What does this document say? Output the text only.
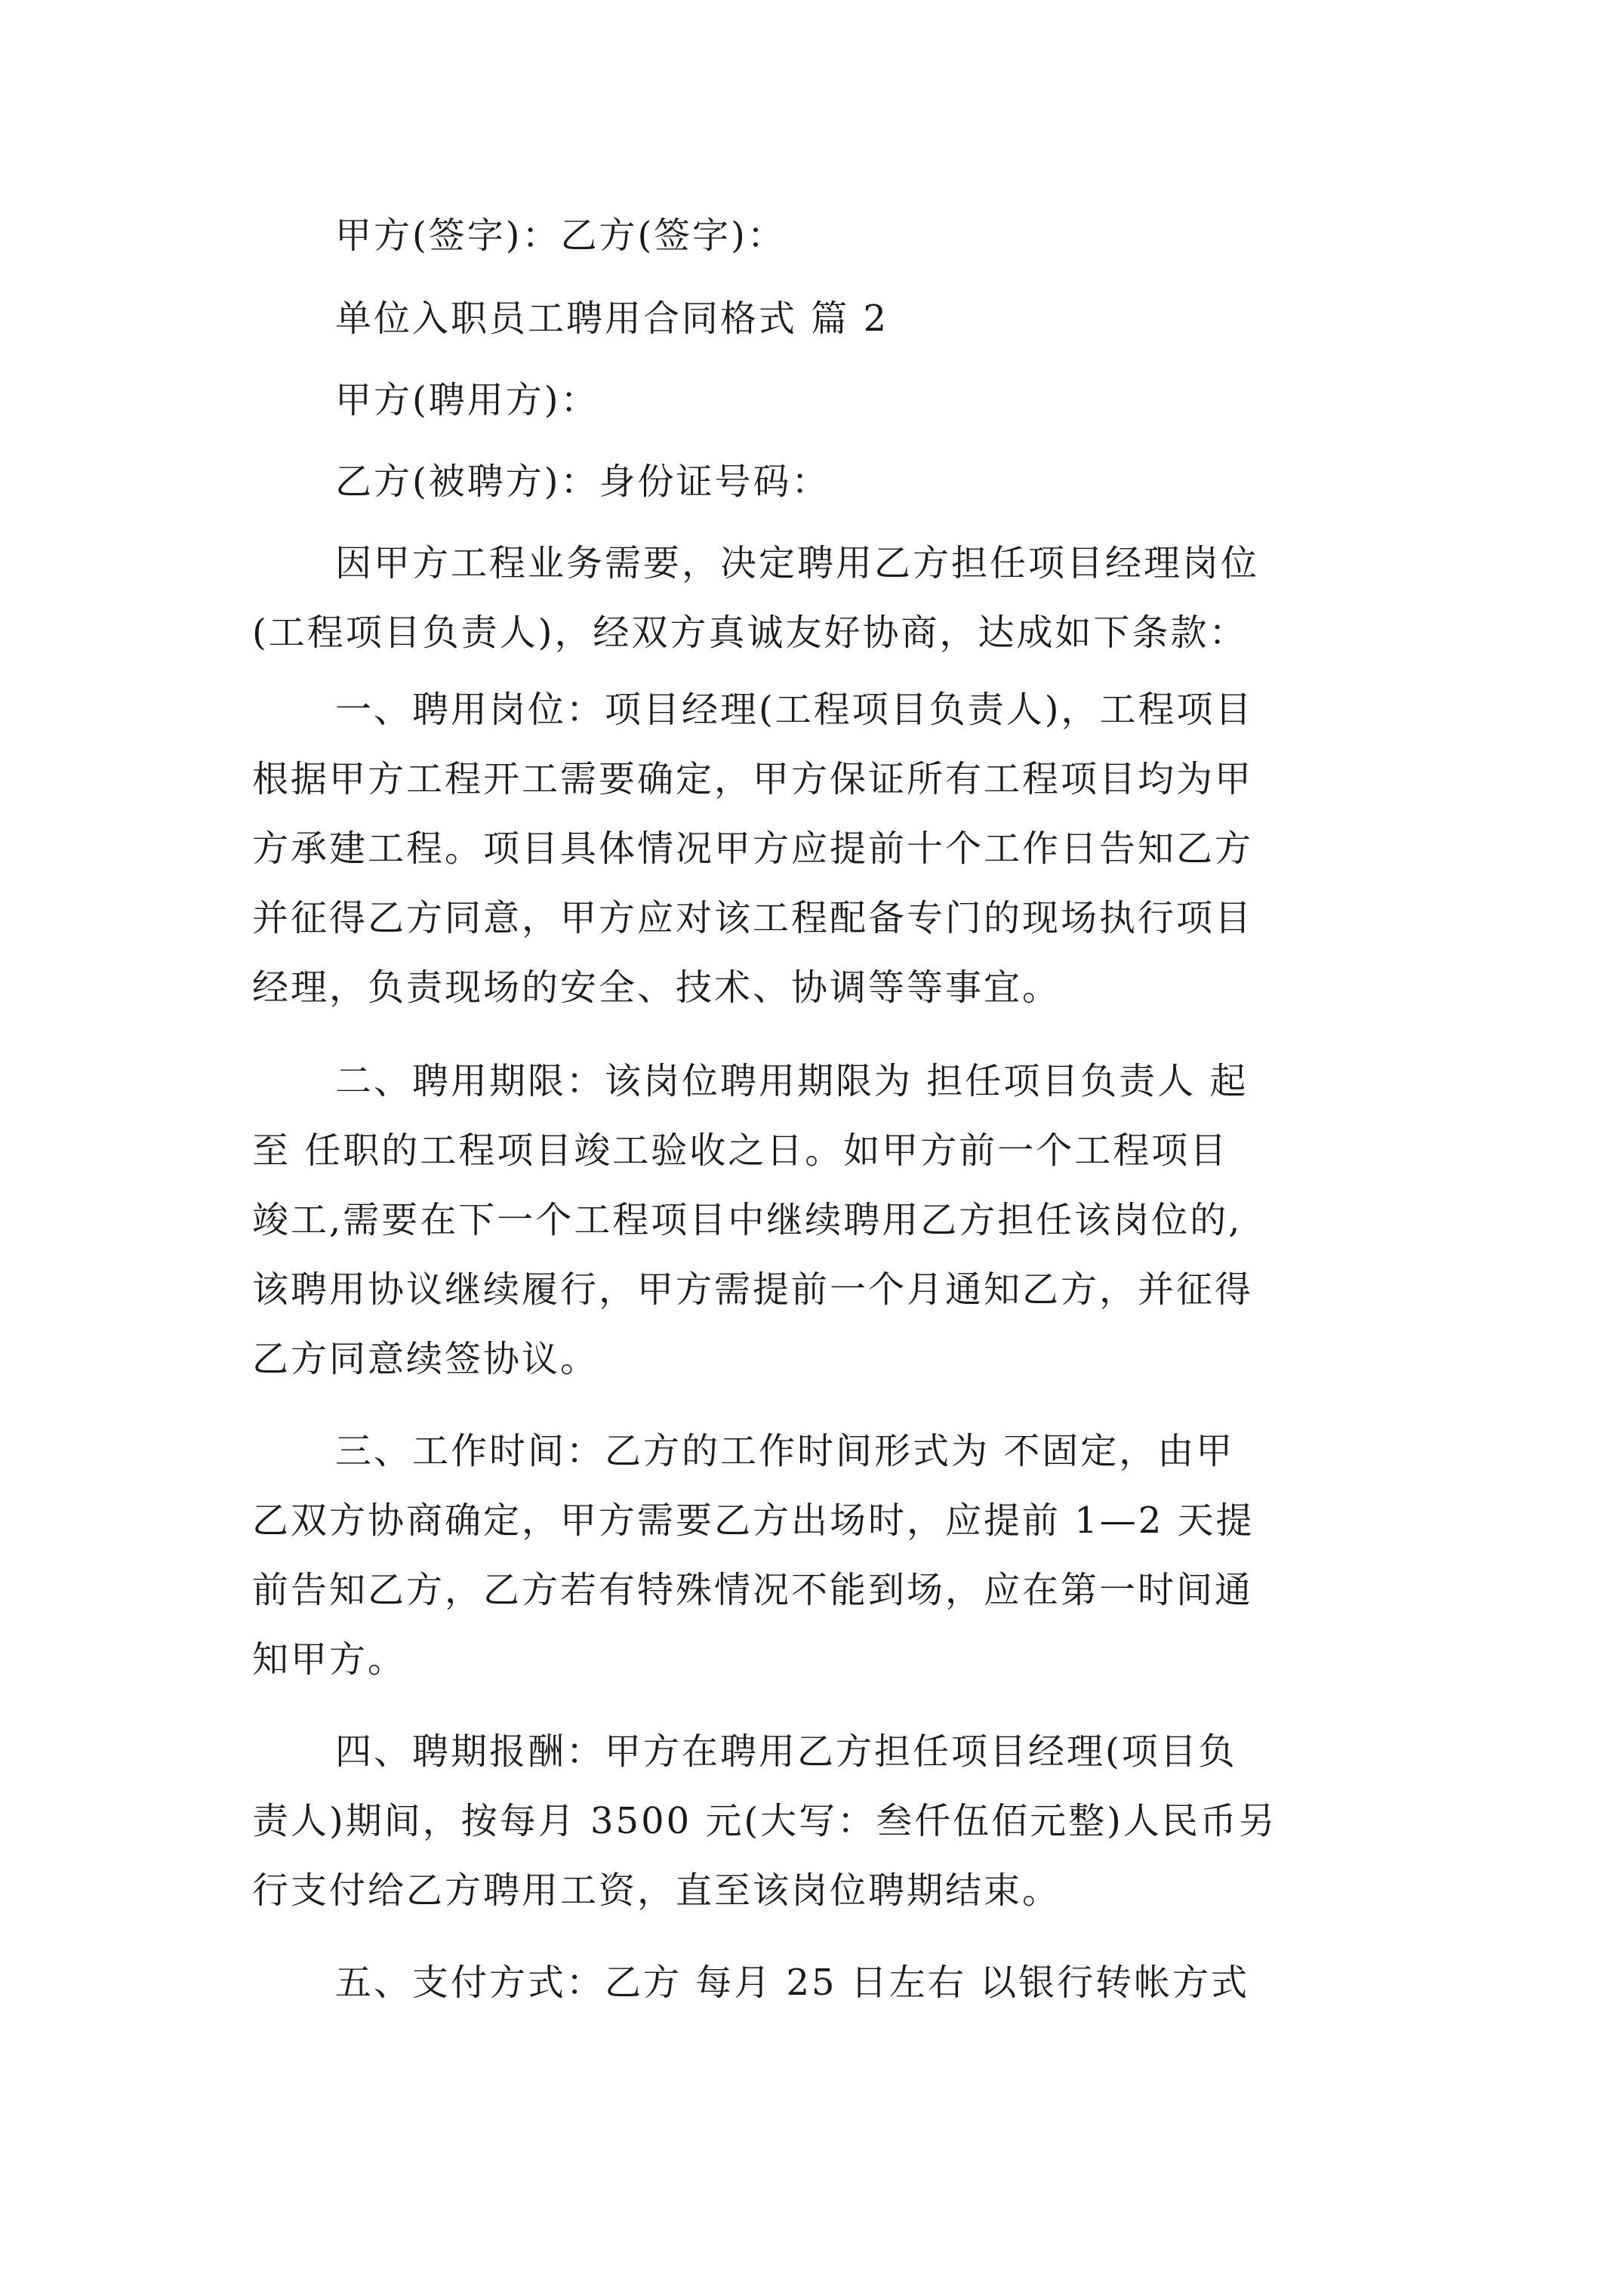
甲方(签字)：乙方(签字)：
单位入职员工聘用合同格式 篇 2
甲方(聘用方)：
乙方(被聘方)：身份证号码：
因甲方工程业务需要，决定聘用乙方担任项目经理岗位
(工程项目负责人)，经双方真诚友好协商，达成如下条款：
一、聘用岗位：项目经理(工程项目负责人)，工程项目
根据甲方工程开工需要确定，甲方保证所有工程项目均为甲
方承建工程。项目具体情况甲方应提前十个工作日告知乙方
并征得乙方同意，甲方应对该工程配备专门的现场执行项目
经理，负责现场的安全、技术、协调等等事宜。
二、聘用期限：该岗位聘用期限为 担任项目负责人 起
至 任职的工程项目竣工验收之日。如甲方前一个工程项目
竣工,需要在下一个工程项目中继续聘用乙方担任该岗位的,
该聘用协议继续履行，甲方需提前一个月通知乙方，并征得
乙方同意续签协议。
三、工作时间：乙方的工作时间形式为 不固定，由甲
乙双方协商确定，甲方需要乙方出场时，应提前 1—2 天提
前告知乙方，乙方若有特殊情况不能到场，应在第一时间通
知甲方。
四、聘期报酬：甲方在聘用乙方担任项目经理(项目负
责人)期间，按每月 3500 元(大写：叁仟伍佰元整)人民币另
行支付给乙方聘用工资，直至该岗位聘期结束。
五、支付方式：乙方 每月 25 日左右 以银行转帐方式
